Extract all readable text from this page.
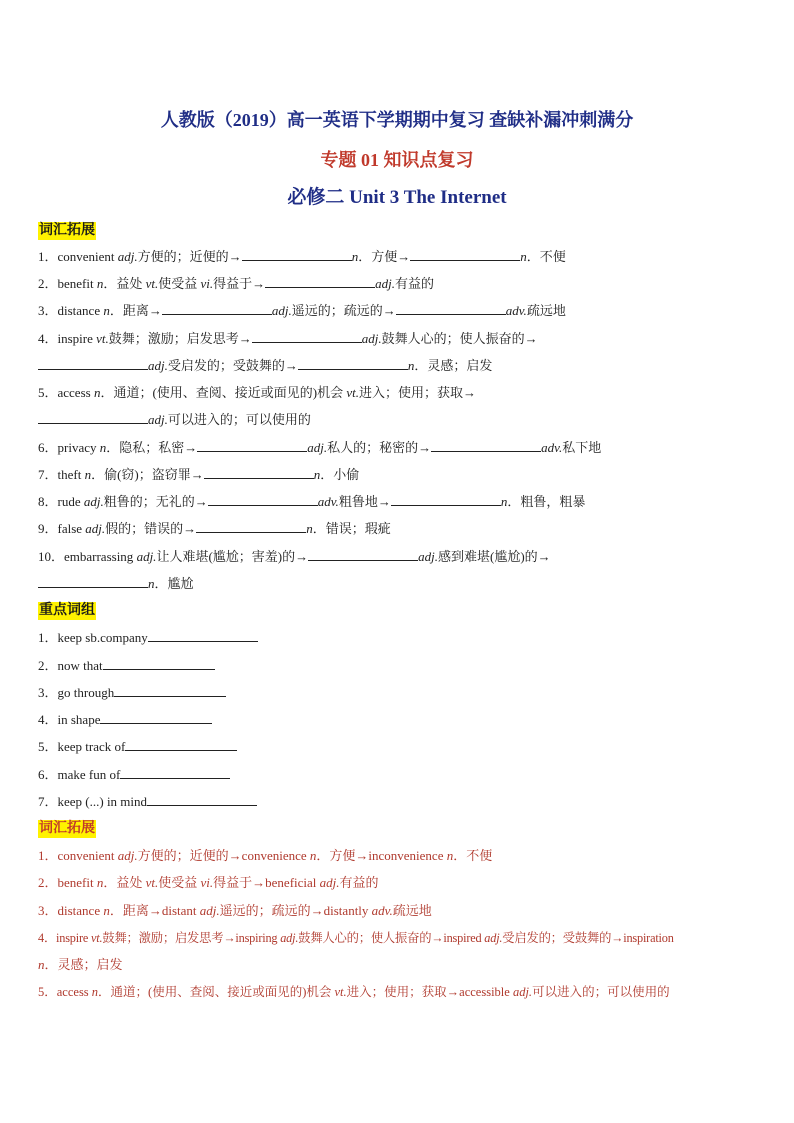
人教版（2019）高一英语下学期期中复习 查缺补漏冲刺满分
专题 01 知识点复习
必修二 Unit 3 The Internet
词汇拓展
1．convenient adj.方便的；近便的→	n．方便→	n．不便
2．benefit n．益处 vt.使受益 vi.得益于→	adj.有益的
3．distance n．距离→	adj.遥远的；疏远的→	adv.疏远地
4．inspire vt.鼓舞；激励；启发思考→	adj.鼓舞人心的；使人振奋的→
adj.受启发的；受鼓舞的→	n．灵感；启发
5．access n．通道；(使用、查阅、接近或面见的)机会 vt.进入；使用；获取→
adj.可以进入的；可以使用的
6．privacy n．隐私；私密→	adj.私人的；秘密的→	adv.私下地
7．theft n．偷(窃)；盗窃罪→	n．小偷
8．rude adj.粗鲁的；无礼的→	adv.粗鲁地→	n．粗鲁，粗暴
9．false adj.假的；错误的→	n．错误；瑕疵
10．embarrassing adj.让人难堪(尴尬；害羞)的→	adj.感到难堪(尴尬)的→
n．尴尬
重点词组
1．keep sb.company
2．now that
3．go through
4．in shape
5．keep track of
6．make fun of
7．keep (...) in mind
词汇拓展
1．convenient adj.方便的；近便的→convenience n．方便→inconvenience n．不便
2．benefit n．益处 vt.使受益 vi.得益于→beneficial adj.有益的
3．distance n．距离→distant adj.遥远的；疏远的→distantly adv.疏远地
4．inspire vt.鼓舞；激励；启发思考→inspiring adj.鼓舞人心的；使人振奋的→inspired adj.受启发的；受鼓舞的→inspiration
n．灵感；启发
5．access n．通道；(使用、查阅、接近或面见的)机会 vt.进入；使用；获取→accessible adj.可以进入的；可以使用的
